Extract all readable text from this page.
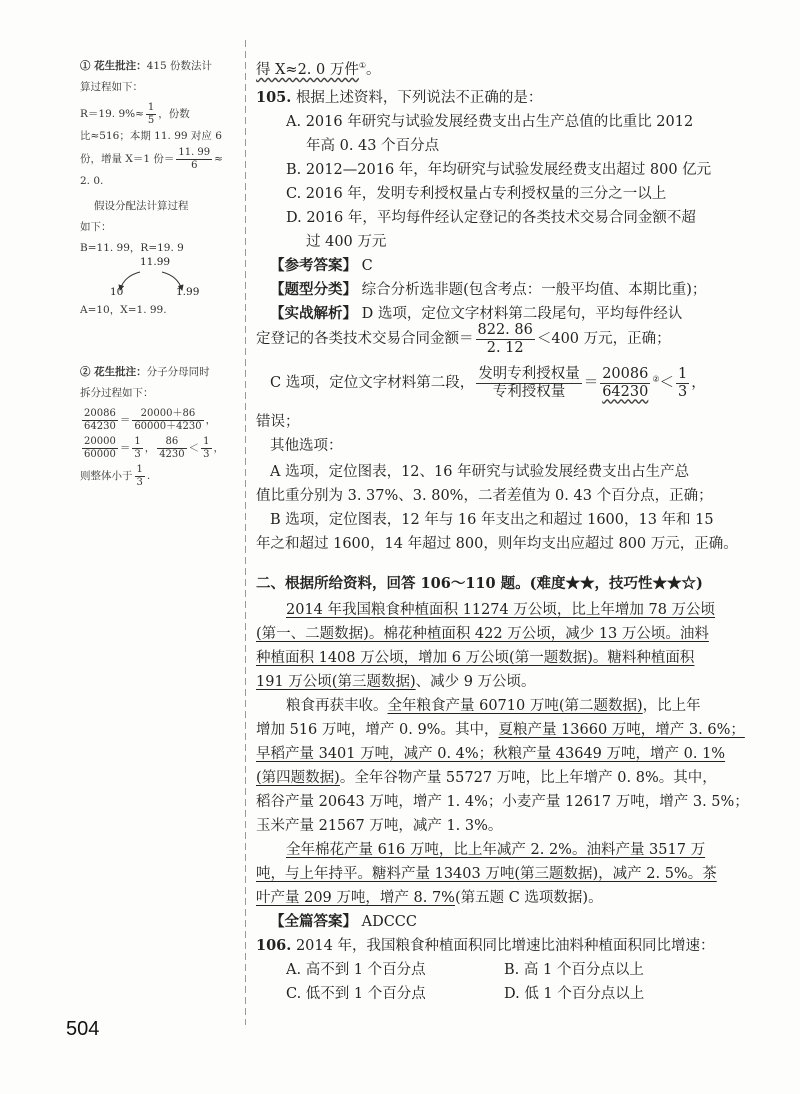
① 花生批注：415 份数法计
算过程如下：
R＝19. $9\%\approx \frac{1}{5}$ ，份数
比≈516；本期 11. 99 对应 6
份，增量 X＝1 份＝ $\frac{11. 99}{6}$ ≈
2. 0.
假设分配法计算过程
如下：
B=11. 99，R=19. 9
11.99
10	1.99
A=10，X=1. 99.
② 花生批注：分子分母同时
拆分过程如下：
$\frac{20086}{64230} = \frac{20000+86}{60000+4230}$ ，
$\frac{20000}{60000} = \frac{1}{3}$ ， $\frac{86}{4230} < \frac{1}{3}$ ，
则整体小于 $\frac{1}{3}$ .
得 X≈2. 0 万件①。
105. 根据上述资料，下列说法不正确的是：
A. 2016 年研究与试验发展经费支出占生产总值的比重比 2012
年高 0. 43 个百分点
B. 2012—2016 年，年均研究与试验发展经费支出超过 800 亿元
C. 2016 年，发明专利授权量占专利授权量的三分之一以上
D. 2016 年，平均每件经认定登记的各类技术交易合同金额不超
过 400 万元
【参考答案】 C
【题型分类】 综合分析选非题(包含考点：一般平均值、本期比重)；
【实战解析】 D 选项，定位文字材料第二段尾句，平均每件经认
定登记的各类技术交易合同金额＝ $\frac{822. 86}{2. 12} <400$ 万元，正确；
C 选项，定位文字材料第二段， $\frac{\text{发明专利授权量}}{\text{专利授权量}} = \frac{20086}{64230} ^②< \frac{1}{3}$ ，
错误；
其他选项：
A 选项，定位图表，12、16 年研究与试验发展经费支出占生产总
值比重分别为 3. 37%、3. 80%，二者差值为 0. 43 个百分点，正确；
B 选项，定位图表，12 年与 16 年支出之和超过 1600，13 年和 15
年之和超过 1600，14 年超过 800，则年均支出应超过 800 万元，正确。
二、根据所给资料，回答 106～110 题。(难度★★，技巧性★★☆)
2014 年我国粮食种植面积 11274 万公顷，比上年增加 78 万公顷
(第一、二题数据)。棉花种植面积 422 万公顷，减少 13 万公顷。油料
种植面积 1408 万公顷，增加 6 万公顷(第一题数据)。糖料种植面积
191 万公顷(第三题数据)、减少 9 万公顷。
粮食再获丰收。全年粮食产量 60710 万吨(第二题数据)，比上年
增加 516 万吨，增产 0. 9%。其中，夏粮产量 13660 万吨，增产 3. 6%；
早稻产量 3401 万吨，减产 0. 4%；秋粮产量 43649 万吨，增产 0. 1%
(第四题数据)。全年谷物产量 55727 万吨，比上年增产 0. 8%。其中，
稻谷产量 20643 万吨，增产 1. 4%；小麦产量 12617 万吨，增产 3. 5%；
玉米产量 21567 万吨，减产 1. 3%。
全年棉花产量 616 万吨，比上年减产 2. 2%。油料产量 3517 万
吨，与上年持平。糖料产量 13403 万吨(第三题数据)，减产 2. 5%。茶
叶产量 209 万吨，增产 8. 7%(第五题 C 选项数据)。
【全篇答案】 ADCCC
106. 2014 年，我国粮食种植面积同比增速比油料种植面积同比增速：
A. 高不到 1 个百分点	B. 高 1 个百分点以上
C. 低不到 1 个百分点	D. 低 1 个百分点以上
504
